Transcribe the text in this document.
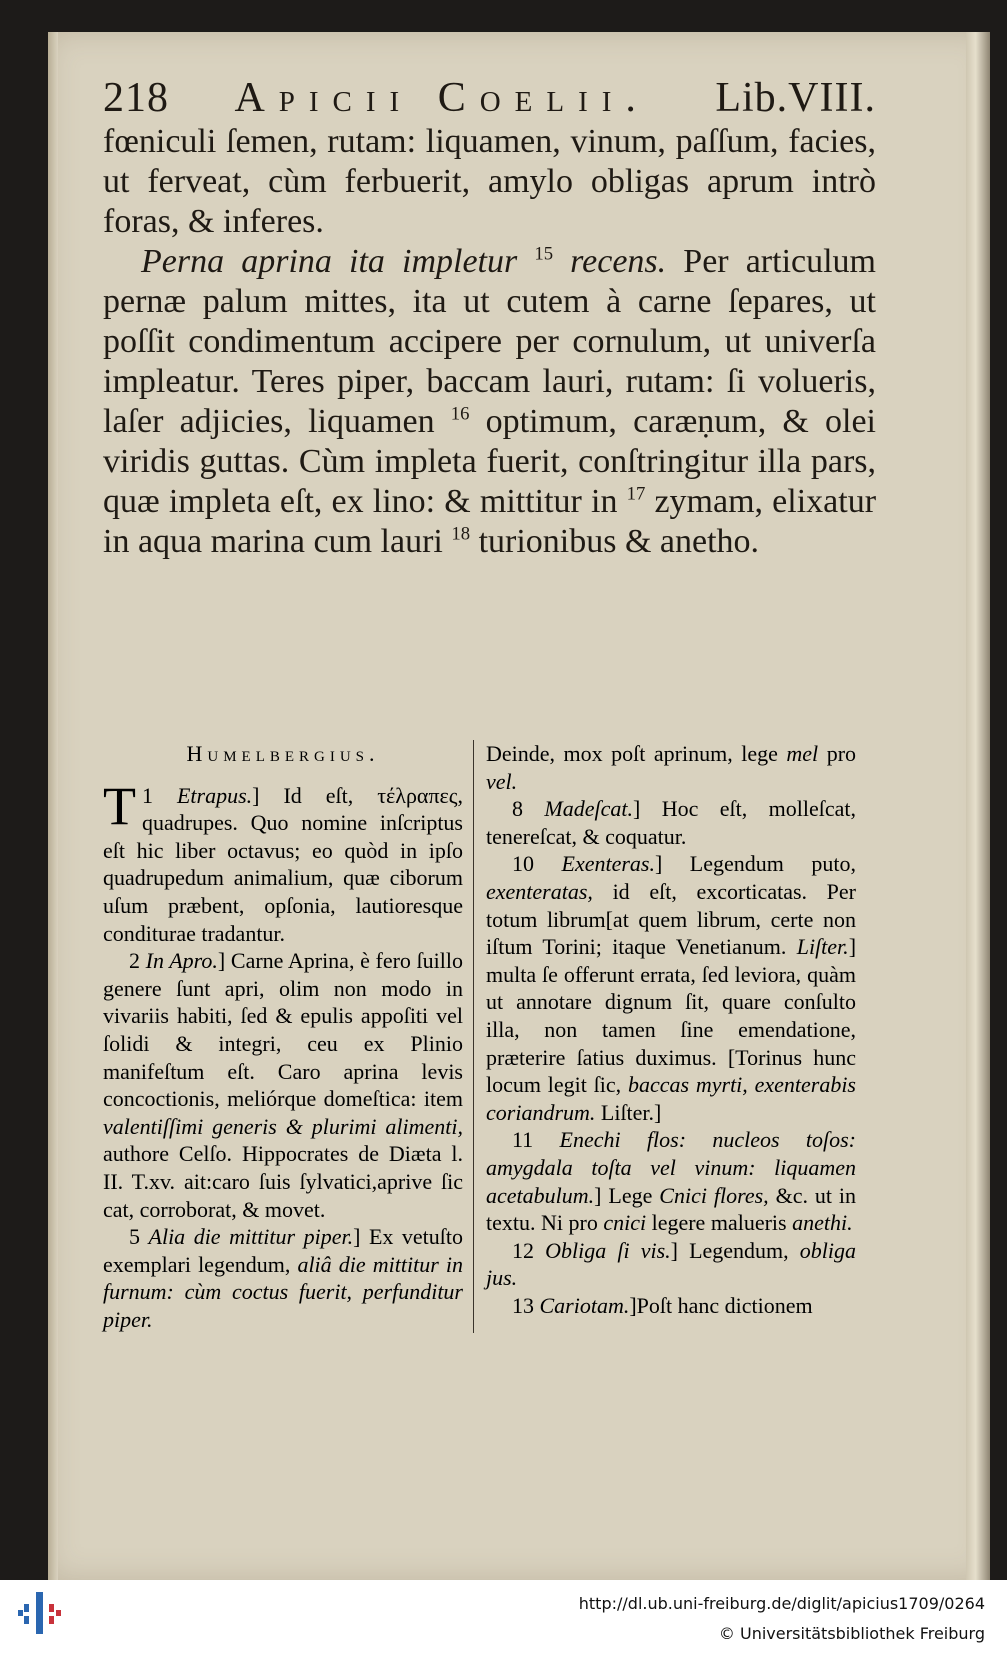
218 Apicii Coelii. Lib.VIII.

fœniculi ſemen, rutam: liquamen, vinum, paſſum, facies, ut ferveat, cùm ferbuerit, amylo obligas aprum intrò foras, & inferes.

Perna aprina ita impletur $^{15}$ recens. Per articulum pernæ palum mittes, ita ut cutem à carne ſepares, ut poſſit condimentum accipere per cornulum, ut univerſa impleatur. Teres piper, baccam lauri, rutam: ſi volueris, laſer adjicies, liquamen $^{16}$ optimum, caræṇum, & olei viridis guttas. Cùm impleta fuerit, conſtringitur illa pars, quæ impleta eſt, ex lino: & mittitur in $^{17}$ zymam, elixatur in aqua marina cum lauri $^{18}$ turionibus & anetho.

Humelbergius.

1
T Etrapus.] Id eſt, τέλραπες, quadrupes. Quo nomine inſcriptus eſt hic liber octavus; eo quòd in ipſo quadrupedum animalium, quæ ciborum uſum præbent, opſonia, lautioresque conditurae tradantur.

2 In Apro.] Carne Aprina, è fero ſuillo genere ſunt apri, olim non modo in vivariis habiti, ſed & epulis appoſiti vel ſolidi & integri, ceu ex Plinio manifeſtum eſt. Caro aprina levis concoctionis, meliórque domeſtica: item valentiſſimi generis & plurimi alimenti, authore Celſo. Hippocrates de Diæta l. II. T.xv. ait:caro ſuis ſylvatici,aprive ſic cat, corroborat, & movet.

5 Alia die mittitur piper.] Ex vetuſto exemplari legendum, aliâ die mittitur in furnum: cùm coctus fuerit, perfunditur piper.

Deinde, mox poſt aprinum, lege mel pro vel.

8 Madeſcat.] Hoc eſt, molleſcat, tenereſcat, & coquatur.

10 Exenteras.] Legendum puto, exenteratas, id eſt, excorticatas. Per totum librum[at quem librum, certe non iſtum Torini; itaque Venetianum. Liſter.] multa ſe offerunt errata, ſed leviora, quàm ut annotare dignum ſit, quare conſulto illa, non tamen ſine emendatione, præterire ſatius duximus. [Torinus hunc locum legit ſic, baccas myrti, exenterabis coriandrum. Liſter.]

11 Enechi flos: nucleos toſos: amygdala toſta vel vinum: liquamen acetabulum.] Lege Cnici flores, &c. ut in textu. Ni pro cnici legere malueris anethi.

12 Obliga ſi vis.] Legendum, obliga jus.

13 Cariotam.]Poſt hanc dictionem

http://dl.ub.uni-freiburg.de/diglit/apicius1709/0264
© Universitätsbibliothek Freiburg
